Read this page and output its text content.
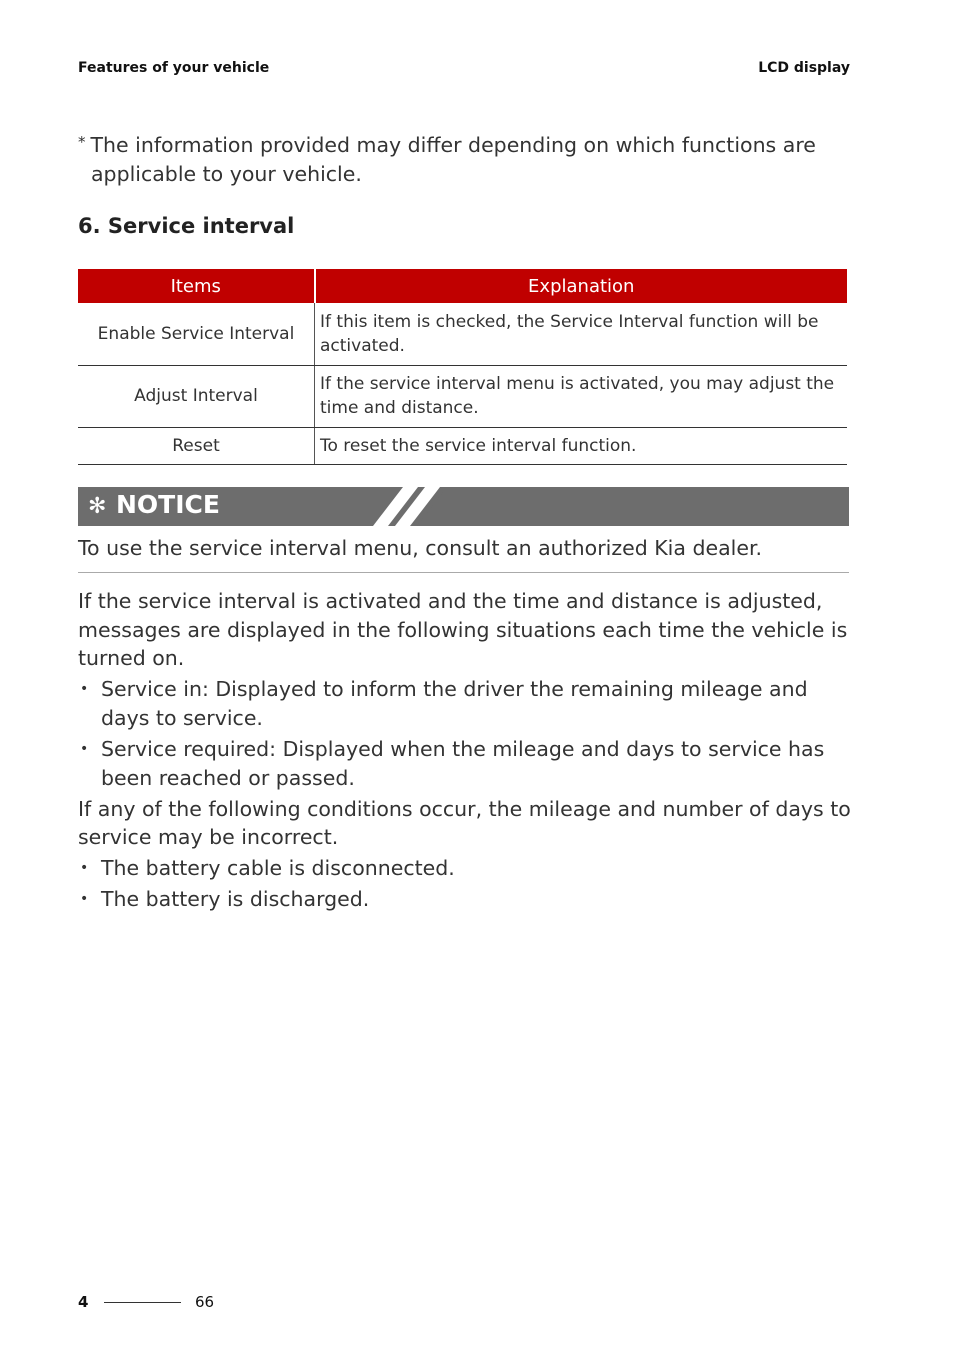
Features of your vehicle	LCD display
* The information provided may differ depending on which functions are
applicable to your vehicle.
6. Service interval
Items	Explanation
Enable Service Interval	If this item is checked, the Service Interval function will be activated.
Adjust Interval	If the service interval menu is activated, you may adjust the time and distance.
Reset	To reset the service interval function.
✻ NOTICE
To use the service interval menu, consult an authorized Kia dealer.

If the service interval is activated and the time and distance is adjusted, messages are displayed in the following situations each time the vehicle is turned on.

• Service in: Displayed to inform the driver the remaining mileage and days to service.
• Service required: Displayed when the mileage and days to service has been reached or passed.

If any of the following conditions occur, the mileage and number of days to service may be incorrect.

• The battery cable is disconnected.
• The battery is discharged.
4	66
